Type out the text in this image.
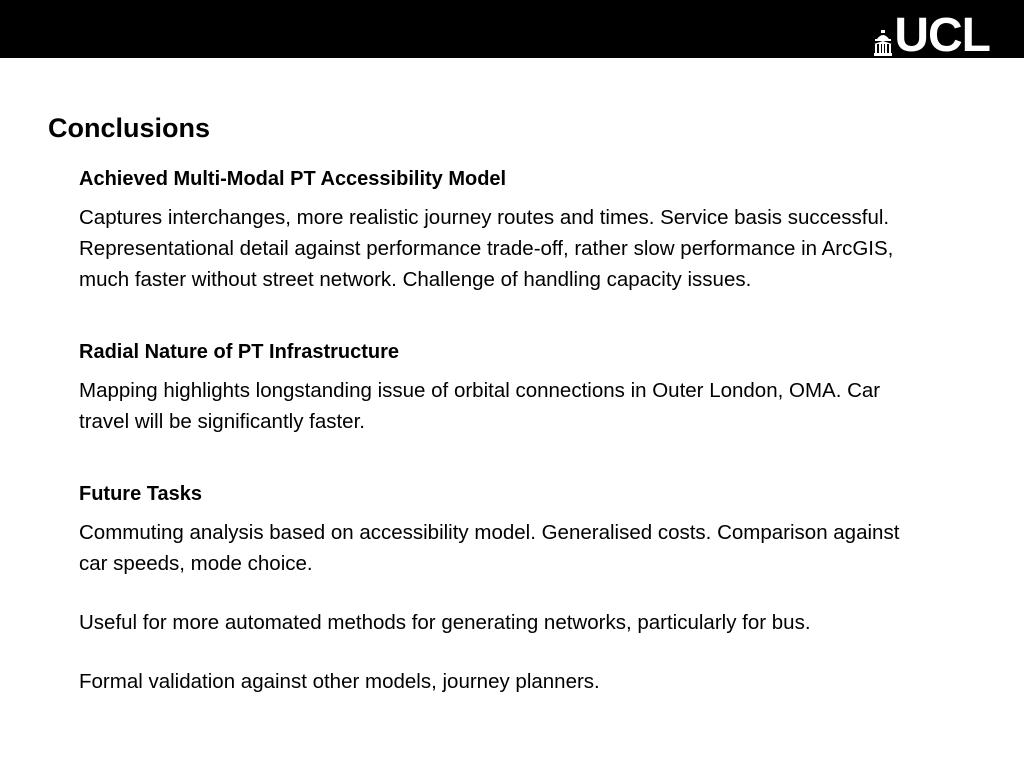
UCL
Conclusions
Achieved Multi-Modal PT Accessibility Model

Captures interchanges, more realistic journey routes and times. Service basis successful. Representational detail against performance trade-off, rather slow performance in ArcGIS, much faster without street network. Challenge of handling capacity issues.

Radial Nature of PT Infrastructure

Mapping highlights longstanding issue of orbital connections in Outer London, OMA. Car travel will be significantly faster.

Future Tasks

Commuting analysis based on accessibility model. Generalised costs. Comparison against car speeds, mode choice.

Useful for more automated methods for generating networks, particularly for bus.

Formal validation against other models, journey planners.
